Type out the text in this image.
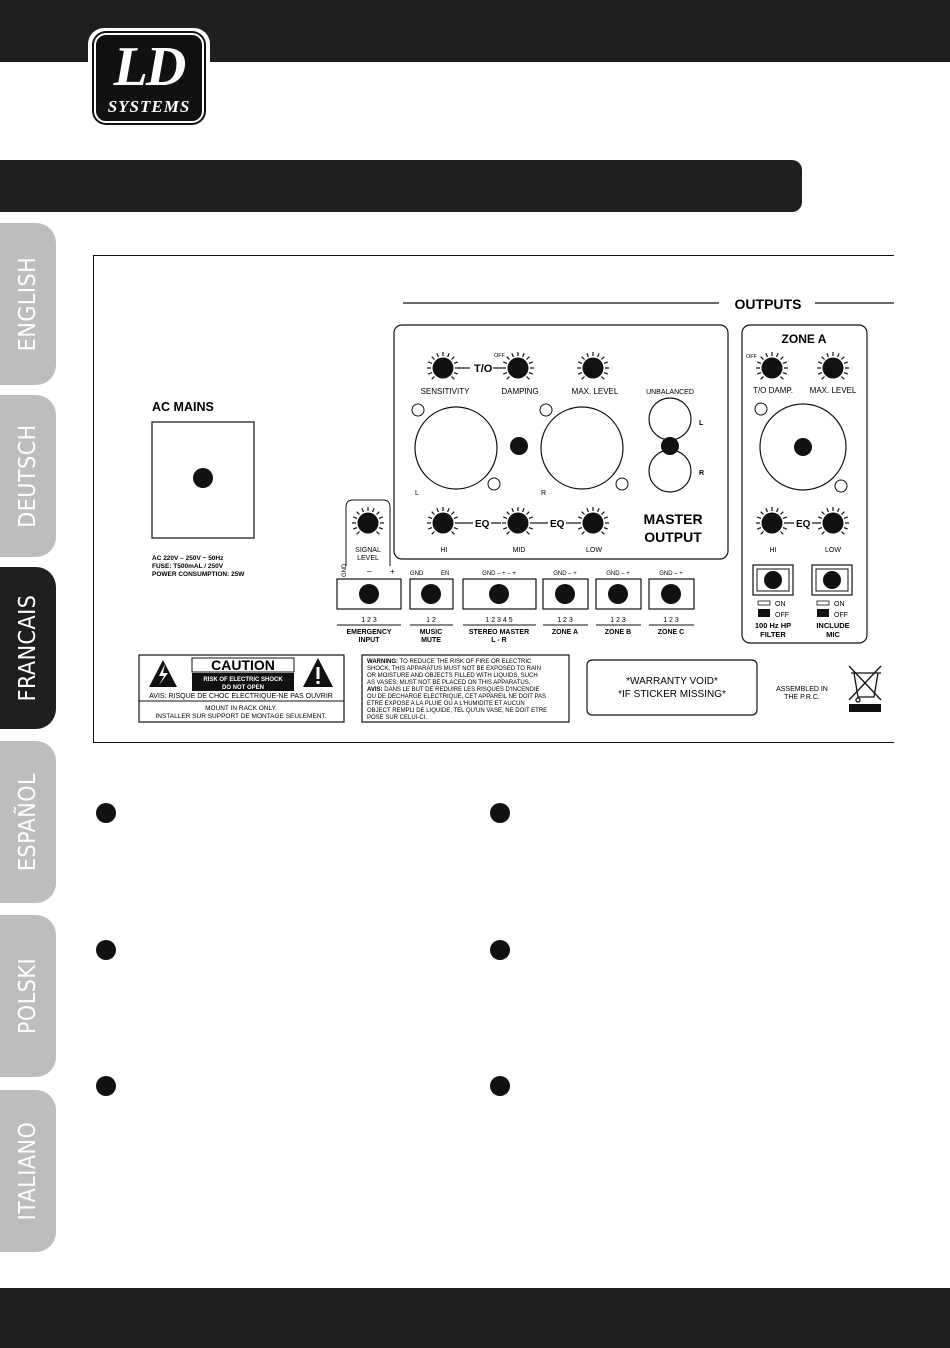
LD
SYSTEMS
ENGLISH
DEUTSCH
FRANCAIS
ESPAÑOL
POLSKI
ITALIANO
OUTPUTS
AC MAINS
AC 220V – 250V ~ 50Hz
FUSE: T500mAL / 250V
POWER CONSUMPTION: 25W
T/O
OFF
SENSITIVITY	DAMPING	MAX. LEVEL	UNBALANCED
L	R
L
R
EQ	EQ
HI	MID	LOW
MASTER
OUTPUT
SIGNAL
LEVEL
GND – +
1 2 3
EMERGENCY
INPUT
GND	EN
1 2
MUSIC
MUTE
GND – + – +
1 2 3 4 5
STEREO MASTER
L - R
GND – +
1 2 3
ZONE A
GND – +
1 2 3
ZONE B
GND – +
1 2 3
ZONE C
ZONE A
OFF
T/O DAMP. MAX. LEVEL
EQ
HI	LOW
ON
OFF
ON
OFF
100 Hz HP
FILTER
INCLUDE
MIC
CAUTION
RISK OF ELECTRIC SHOCK
DO NOT OPEN
AVIS: RISQUE DE CHOC ELECTRIQUE-NE PAS OUVRIR
MOUNT IN RACK ONLY.
INSTALLER SUR SUPPORT DE MONTAGE SEULEMENT.
WARNING: TO REDUCE THE RISK OF FIRE OR ELECTRIC
SHOCK, THIS APPARATUS MUST NOT BE EXPOSED TO RAIN
OR MOISTURE AND OBJECTS FILLED WITH LIQUIDS, SUCH
AS VASES, MUST NOT BE PLACED ON THIS APPARATUS.
AVIS: DANS LE BUT DE REDUIRE LES RISQUES D'INCENDIE
OU DE DECHARGE ELECTRIQUE, CET APPAREIL NE DOIT PAS
ETRE EXPOSE A LA PLUIE OU A L'HUMIDITE ET AUCUN
OBJECT REMPLI DE LIQUIDE, TEL QU'UN VASE, NE DOIT ETRE
POSE SUR CELUI-CI.
*WARRANTY VOID*
*IF STICKER MISSING*	ASSEMBLED IN
THE P.R.C.
